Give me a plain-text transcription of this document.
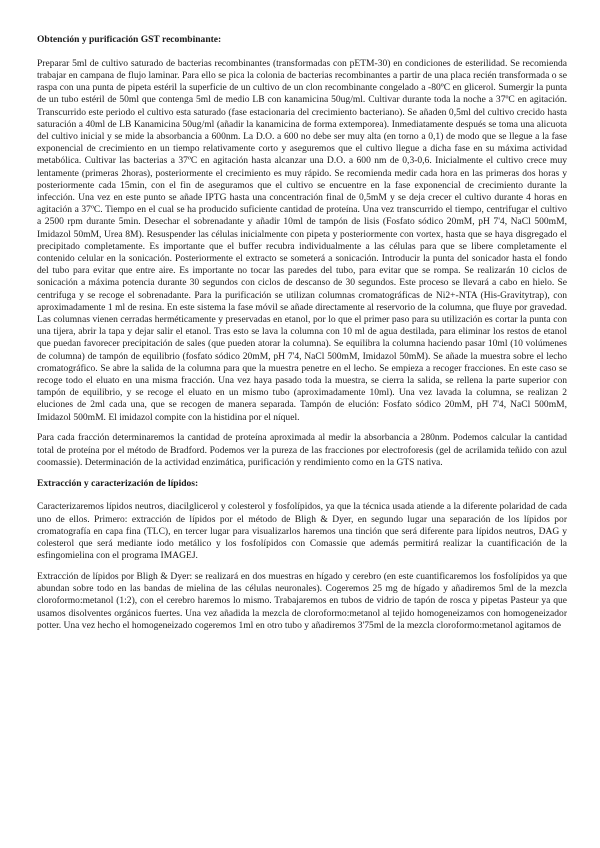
Obtención y purificación GST recombinante:

Preparar 5ml de cultivo saturado de bacterias recombinantes (transformadas con pETM-30) en condiciones de esterilidad. Se recomienda trabajar en campana de flujo laminar. Para ello se pica la colonia de bacterias recombinantes a partir de una placa recién transformada o se raspa con una punta de pipeta estéril la superficie de un cultivo de un clon recombinante congelado a -80ºC en glicerol. Sumergir la punta de un tubo estéril de 50ml que contenga 5ml de medio LB con kanamicina 50ug/ml. Cultivar durante toda la noche a 37ºC en agitación. Transcurrido este periodo el cultivo esta saturado (fase estacionaria del crecimiento bacteriano). Se añaden 0,5ml del cultivo crecido hasta saturación a 40ml de LB Kanamicina 50ug/ml (añadir la kanamicina de forma extemporea). Inmediatamente después se toma una alicuota del cultivo inicial y se mide la absorbancia a 600nm. La D.O. a 600 no debe ser muy alta (en torno a 0,1) de modo que se llegue a la fase exponencial de crecimiento en un tiempo relativamente corto y aseguremos que el cultivo llegue a dicha fase en su máxima actividad metabólica. Cultivar las bacterias a 37ºC en agitación hasta alcanzar una D.O. a 600 nm de 0,3-0,6. Inicialmente el cultivo crece muy lentamente (primeras 2horas), posteriormente el crecimiento es muy rápido. Se recomienda medir cada hora en las primeras dos horas y posteriormente cada 15min, con el fin de aseguramos que el cultivo se encuentre en la fase exponencial de crecimiento durante la infección. Una vez en este punto se añade IPTG hasta una concentración final de 0,5mM y se deja crecer el cultivo durante 4 horas en agitación a 37ºC. Tiempo en el cual se ha producido suficiente cantidad de proteína. Una vez transcurrido el tiempo, centrifugar el cultivo a 2500 rpm durante 5min. Desechar el sobrenadante y añadir 10ml de tampón de lisis (Fosfato sódico 20mM, pH 7'4, NaCl 500mM, Imidazol 50mM, Urea 8M). Resuspender las células inicialmente con pipeta y posteriormente con vortex, hasta que se haya disgregado el precipitado completamente. Es importante que el buffer recubra individualmente a las células para que se libere completamente el contenido celular en la sonicación. Posteriormente el extracto se someterá a sonicación. Introducir la punta del sonicador hasta el fondo del tubo para evitar que entre aire. Es importante no tocar las paredes del tubo, para evitar que se rompa. Se realizarán 10 ciclos de sonicación a máxima potencia durante 30 segundos con ciclos de descanso de 30 segundos. Este proceso se llevará a cabo en hielo. Se centrifuga y se recoge el sobrenadante. Para la purificación se utilizan columnas cromatográficas de Ni2+-NTA (His-Gravitytrap), con aproximadamente 1 ml de resina. En este sistema la fase móvil se añade directamente al reservorio de la columna, que fluye por gravedad. Las columnas vienen cerradas herméticamente y preservadas en etanol, por lo que el primer paso para su utilización es cortar la punta con una tijera, abrir la tapa y dejar salir el etanol. Tras esto se lava la columna con 10 ml de agua destilada, para eliminar los restos de etanol que puedan favorecer precipitación de sales (que pueden atorar la columna). Se equilibra la columna haciendo pasar 10ml (10 volúmenes de columna) de tampón de equilibrio (fosfato sódico 20mM, pH 7'4, NaCl 500mM, Imidazol 50mM). Se añade la muestra sobre el lecho cromatográfico. Se abre la salida de la columna para que la muestra penetre en el lecho. Se empieza a recoger fracciones. En este caso se recoge todo el eluato en una misma fracción. Una vez haya pasado toda la muestra, se cierra la salida, se rellena la parte superior con tampón de equilibrio, y se recoge el eluato en un mismo tubo (aproximadamente 10ml). Una vez lavada la columna, se realizan 2 eluciones de 2ml cada una, que se recogen de manera separada. Tampón de elución: Fosfato sódico 20mM, pH 7'4, NaCl 500mM, Imidazol 500mM. El imidazol compite con la histidina por el níquel.

Para cada fracción determinaremos la cantidad de proteína aproximada al medir la absorbancia a 280nm. Podemos calcular la cantidad total de proteína por el método de Bradford. Podemos ver la pureza de las fracciones por electroforesis (gel de acrilamida teñido con azul coomassie). Determinación de la actividad enzimática, purificación y rendimiento como en la GTS nativa.

Extracción y caracterización de lípidos:

Caracterizaremos lípidos neutros, diacilglicerol y colesterol y fosfolípidos, ya que la técnica usada atiende a la diferente polaridad de cada uno de ellos. Primero: extracción de lípidos por el método de Bligh & Dyer, en segundo lugar una separación de los lípidos por cromatografía en capa fina (TLC), en tercer lugar para visualizarlos haremos una tinción que será diferente para lípidos neutros, DAG y colesterol que será mediante iodo metálico y los fosfolípidos con Comassie que además permitirá realizar la cuantificación de la esfingomielina con el programa IMAGEJ.

Extracción de lípidos por Bligh & Dyer: se realizará en dos muestras en hígado y cerebro (en este cuantificaremos los fosfolípidos ya que abundan sobre todo en las bandas de mielina de las células neuronales). Cogeremos 25 mg de hígado y añadiremos 5ml de la mezcla cloroformo:metanol (1:2), con el cerebro haremos lo mismo. Trabajaremos en tubos de vidrio de tapón de rosca y pipetas Pasteur ya que usamos disolventes orgánicos fuertes. Una vez añadida la mezcla de cloroformo:metanol al tejido homogeneizamos con homogeneizador potter. Una vez hecho el homogeneizado cogeremos 1ml en otro tubo y añadiremos 3'75ml de la mezcla cloroformo:metanol agitamos de
